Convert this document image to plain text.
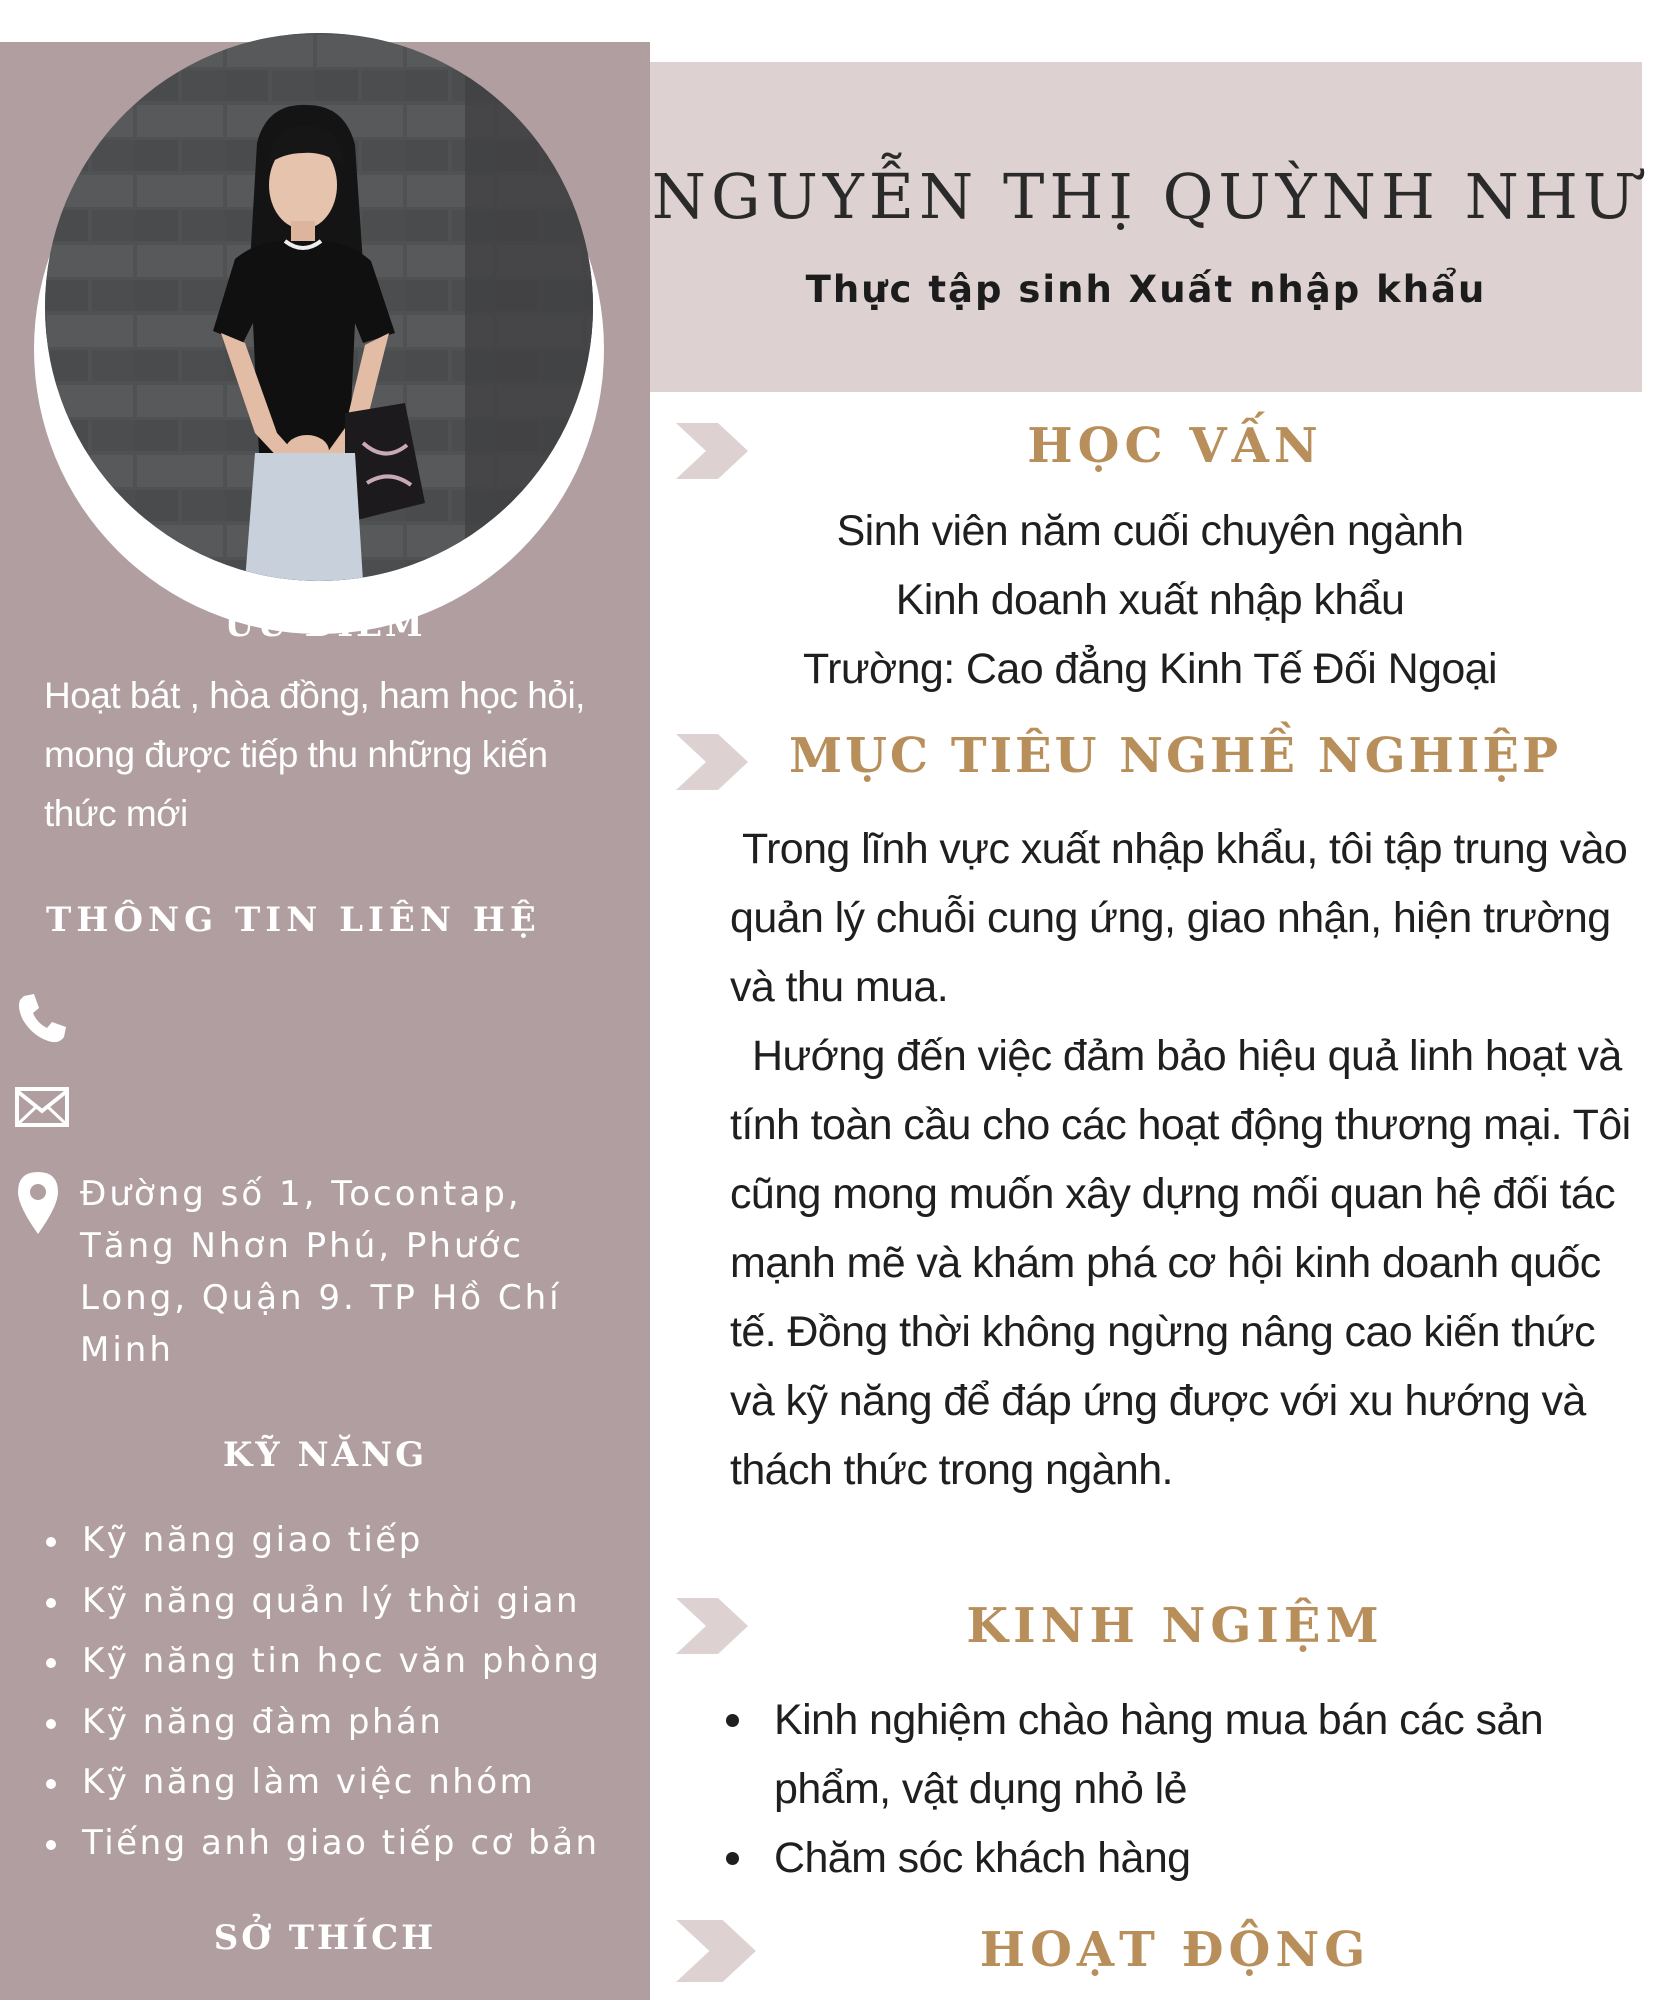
ƯU ĐIỂM
Hoạt bát , hòa đồng, ham học hỏi, mong được tiếp thu những kiến thức mới
THÔNG TIN LIÊN HỆ
Đường số 1, Tocontap, Tăng Nhơn Phú, Phước Long, Quận 9. TP Hồ Chí Minh
KỸ NĂNG
Kỹ năng giao tiếp
Kỹ năng quản lý thời gian
Kỹ năng tin học văn phòng
Kỹ năng đàm phán
Kỹ năng làm việc nhóm
Tiếng anh giao tiếp cơ bản
SỞ THÍCH
NGUYỄN THỊ QUỲNH NHƯ
Thực tập sinh Xuất nhập khẩu
HỌC VẤN
Sinh viên năm cuối chuyên ngành
Kinh doanh xuất nhập khẩu
Trường: Cao đẳng Kinh Tế Đối Ngoại
MỤC TIÊU NGHỀ NGHIỆP
Trong lĩnh vực xuất nhập khẩu, tôi tập trung vào quản lý chuỗi cung ứng, giao nhận, hiện trường và thu mua.
Hướng đến việc đảm bảo hiệu quả linh hoạt và tính toàn cầu cho các hoạt động thương mại. Tôi cũng mong muốn xây dựng mối quan hệ đối tác mạnh mẽ và khám phá cơ hội kinh doanh quốc tế. Đồng thời không ngừng nâng cao kiến thức và kỹ năng để đáp ứng được với xu hướng và thách thức trong ngành.
KINH NGIỆM
Kinh nghiệm chào hàng mua bán các sản phẩm, vật dụng nhỏ lẻ
Chăm sóc khách hàng
HOẠT ĐỘNG
